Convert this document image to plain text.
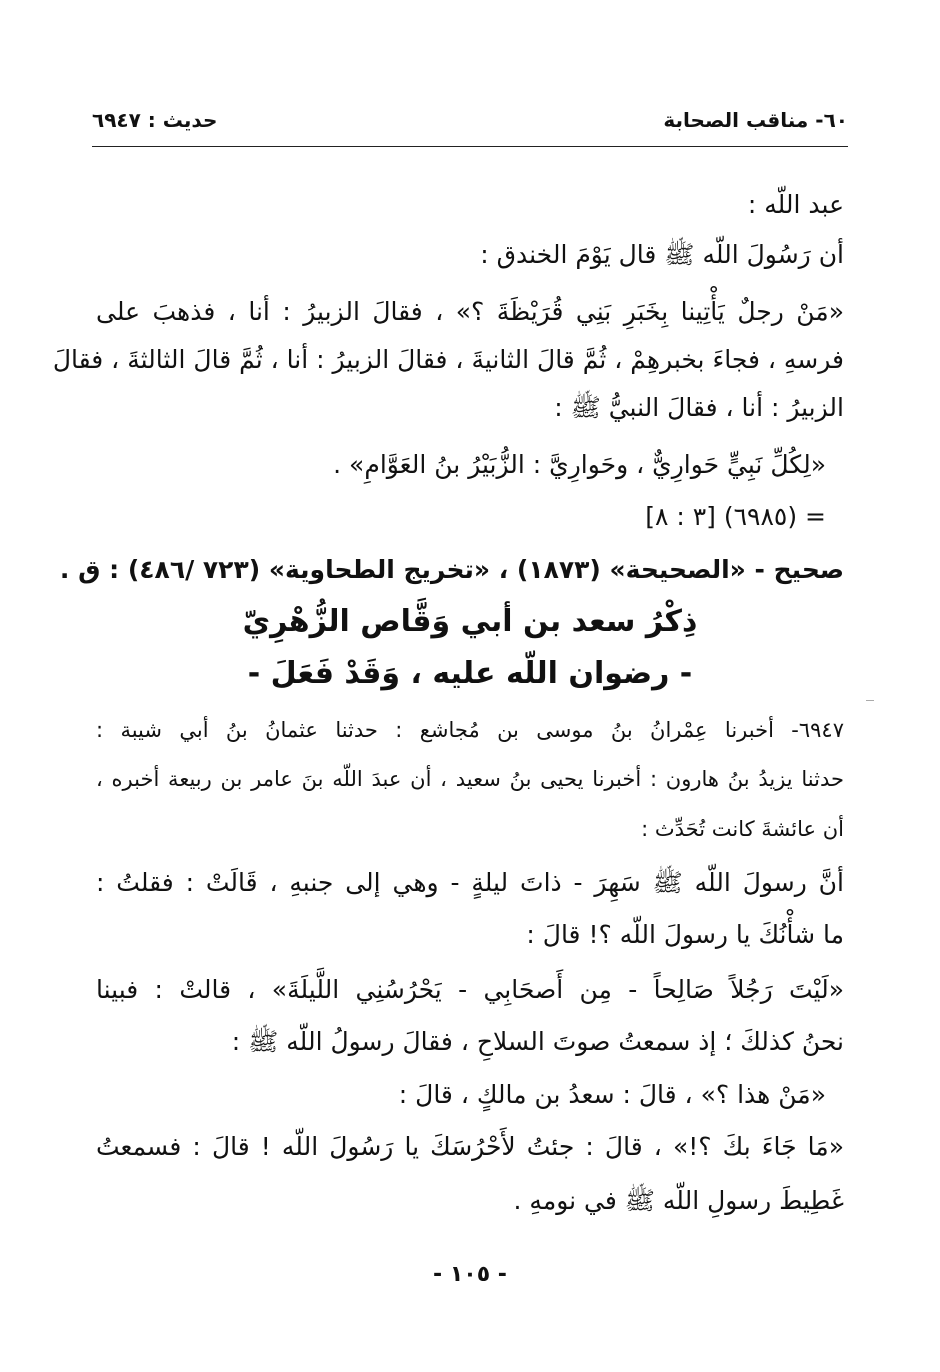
٦٠- مناقب الصحابة
حديث : ٦٩٤٧
عبد اللّه :
أن رَسُولَ اللّه ﷺ قال يَوْمَ الخندق :
«مَنْ رجلٌ يَأْتِينا بِخَبَرِ بَنِي قُرَيْظَةَ ؟» ، فقالَ الزبيرُ : أنا ، فذهبَ على
فرسهِ ، فجاءَ بخبرهِمْ ، ثُمَّ قالَ الثانيةَ ، فقالَ الزبيرُ : أنا ، ثُمَّ قالَ الثالثةَ ، فقالَ
الزبيرُ : أنا ، فقالَ النبيُّ ﷺ :
«لِكُلِّ نَبِيٍّ حَوارِيٌّ ، وحَوارِيَّ : الزُّبَيْرُ بنُ العَوَّامِ» .
= (٦٩٨٥) [٣ : ٨]
صحيح - «الصحيحة» (١٨٧٣) ، «تخريج الطحاوية» (٧٢٣ /٤٨٦) : ق .
ذِكْرُ سعد بن أبي وَقَّاص الزُّهْرِيّ
- رضوان اللّه عليه ، وَقَدْ فَعَلَ -
٦٩٤٧- أخبرنا عِمْرانُ بنُ موسى بن مُجاشع : حدثنا عثمانُ بنُ أبي شيبة :
حدثنا يزيدُ بنُ هارون : أخبرنا يحيى بنُ سعيد ، أن عبدَ اللّه بنَ عامر بن ربيعة أخبره ،
أن عائشةَ كانت تُحَدِّث :
أنَّ رسولَ اللّه ﷺ سَهِرَ - ذاتَ ليلةٍ - وهي إلى جنبهِ ، قَالَتْ : فقلتُ :
ما شأْنُكَ يا رسولَ اللّه ؟! قالَ :
«لَيْتَ رَجُلاً صَالِحاً - مِن أَصحَابِي - يَحْرُسُنِي اللَّيلَةَ» ، قالتْ : فبينا
نحنُ كذلكَ ؛ إذ سمعتُ صوتَ السلاحِ ، فقالَ رسولُ اللّه ﷺ :
«مَنْ هذا ؟» ، قالَ : سعدُ بن مالكٍ ، قالَ :
«مَا جَاءَ بكَ ؟!» ، قالَ : جئتُ لأَحْرُسَكَ يا رَسُولَ اللّه ! قالَ : فسمعتُ
غَطِيطَ رسولِ اللّه ﷺ في نومهِ .
- ١٠٥ -
